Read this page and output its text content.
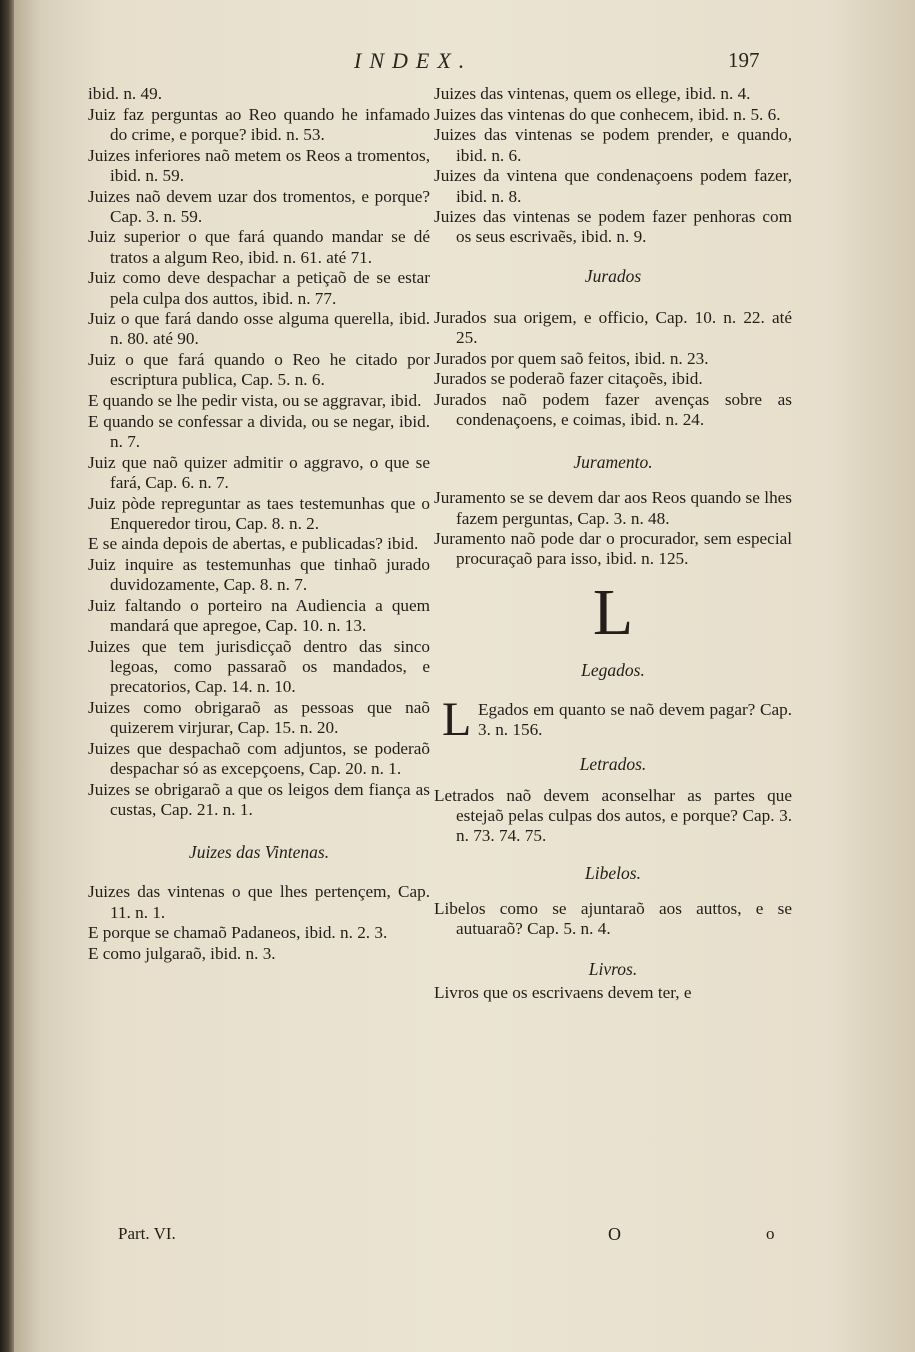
INDEX.	197
ibid. n. 49.
Juiz faz perguntas ao Reo quando he infamado do crime, e porque? ibid. n. 53.
Juizes inferiores naõ metem os Reos a tromentos, ibid. n. 59.
Juizes naõ devem uzar dos tromentos, e porque? Cap. 3. n. 59.
Juiz superior o que fará quando mandar se dé tratos a algum Reo, ibid. n. 61. até 71.
Juiz como deve despachar a petiçaõ de se estar pela culpa dos auttos, ibid. n. 77.
Juiz o que fará dando osse alguma querella, ibid. n. 80. até 90.
Juiz o que fará quando o Reo he citado por escriptura publica, Cap. 5. n. 6.
E quando se lhe pedir vista, ou se aggravar, ibid.
E quando se confessar a divida, ou se negar, ibid. n. 7.
Juiz que naõ quizer admitir o aggravo, o que se fará, Cap. 6. n. 7.
Juiz pòde repreguntar as taes testemunhas que o Enqueredor tirou, Cap. 8. n. 2.
E se ainda depois de abertas, e publicadas? ibid.
Juiz inquire as testemunhas que tinhaõ jurado duvidozamente, Cap. 8. n. 7.
Juiz faltando o porteiro na Audiencia a quem mandará que apregoe, Cap. 10. n. 13.
Juizes que tem jurisdicçaõ dentro das sinco legoas, como passaraõ os mandados, e precatorios, Cap. 14. n. 10.
Juizes como obrigaraõ as pessoas que naõ quizerem virjurar, Cap. 15. n. 20.
Juizes que despachaõ com adjuntos, se poderaõ despachar só as excepçoens, Cap. 20. n. 1.
Juizes se obrigaraõ a que os leigos dem fiança as custas, Cap. 21. n. 1.
Juizes das Vintenas.
Juizes das vintenas o que lhes pertençem, Cap. 11. n. 1.
E porque se chamaõ Padaneos, ibid. n. 2. 3.
E como julgaraõ, ibid. n. 3.
Juizes das vintenas, quem os ellege, ibid. n. 4.
Juizes das vintenas do que conhecem, ibid. n. 5. 6.
Juizes das vintenas se podem prender, e quando, ibid. n. 6.
Juizes da vintena que condenaçoens podem fazer, ibid. n. 8.
Juizes das vintenas se podem fazer penhoras com os seus escrivaẽs, ibid. n. 9.
Jurados
Jurados sua origem, e officio, Cap. 10. n. 22. até 25.
Jurados por quem saõ feitos, ibid. n. 23.
Jurados se poderaõ fazer citaçoẽs, ibid.
Jurados naõ podem fazer avenças sobre as condenaçoens, e coimas, ibid. n. 24.
Juramento.
Juramento se se devem dar aos Reos quando se lhes fazem perguntas, Cap. 3. n. 48.
Juramento naõ pode dar o procurador, sem especial procuraçaõ para isso, ibid. n. 125.
L
Legados.
L Egados em quanto se naõ devem pagar? Cap. 3. n. 156.
Letrados.
Letrados naõ devem aconselhar as partes que estejaõ pelas culpas dos autos, e porque? Cap. 3. n. 73. 74. 75.
Libelos.
Libelos como se ajuntaraõ aos auttos, e se autuaraõ? Cap. 5. n. 4.
Livros.
Livros que os escrivaens devem ter, e
Part. VI.	O	o
